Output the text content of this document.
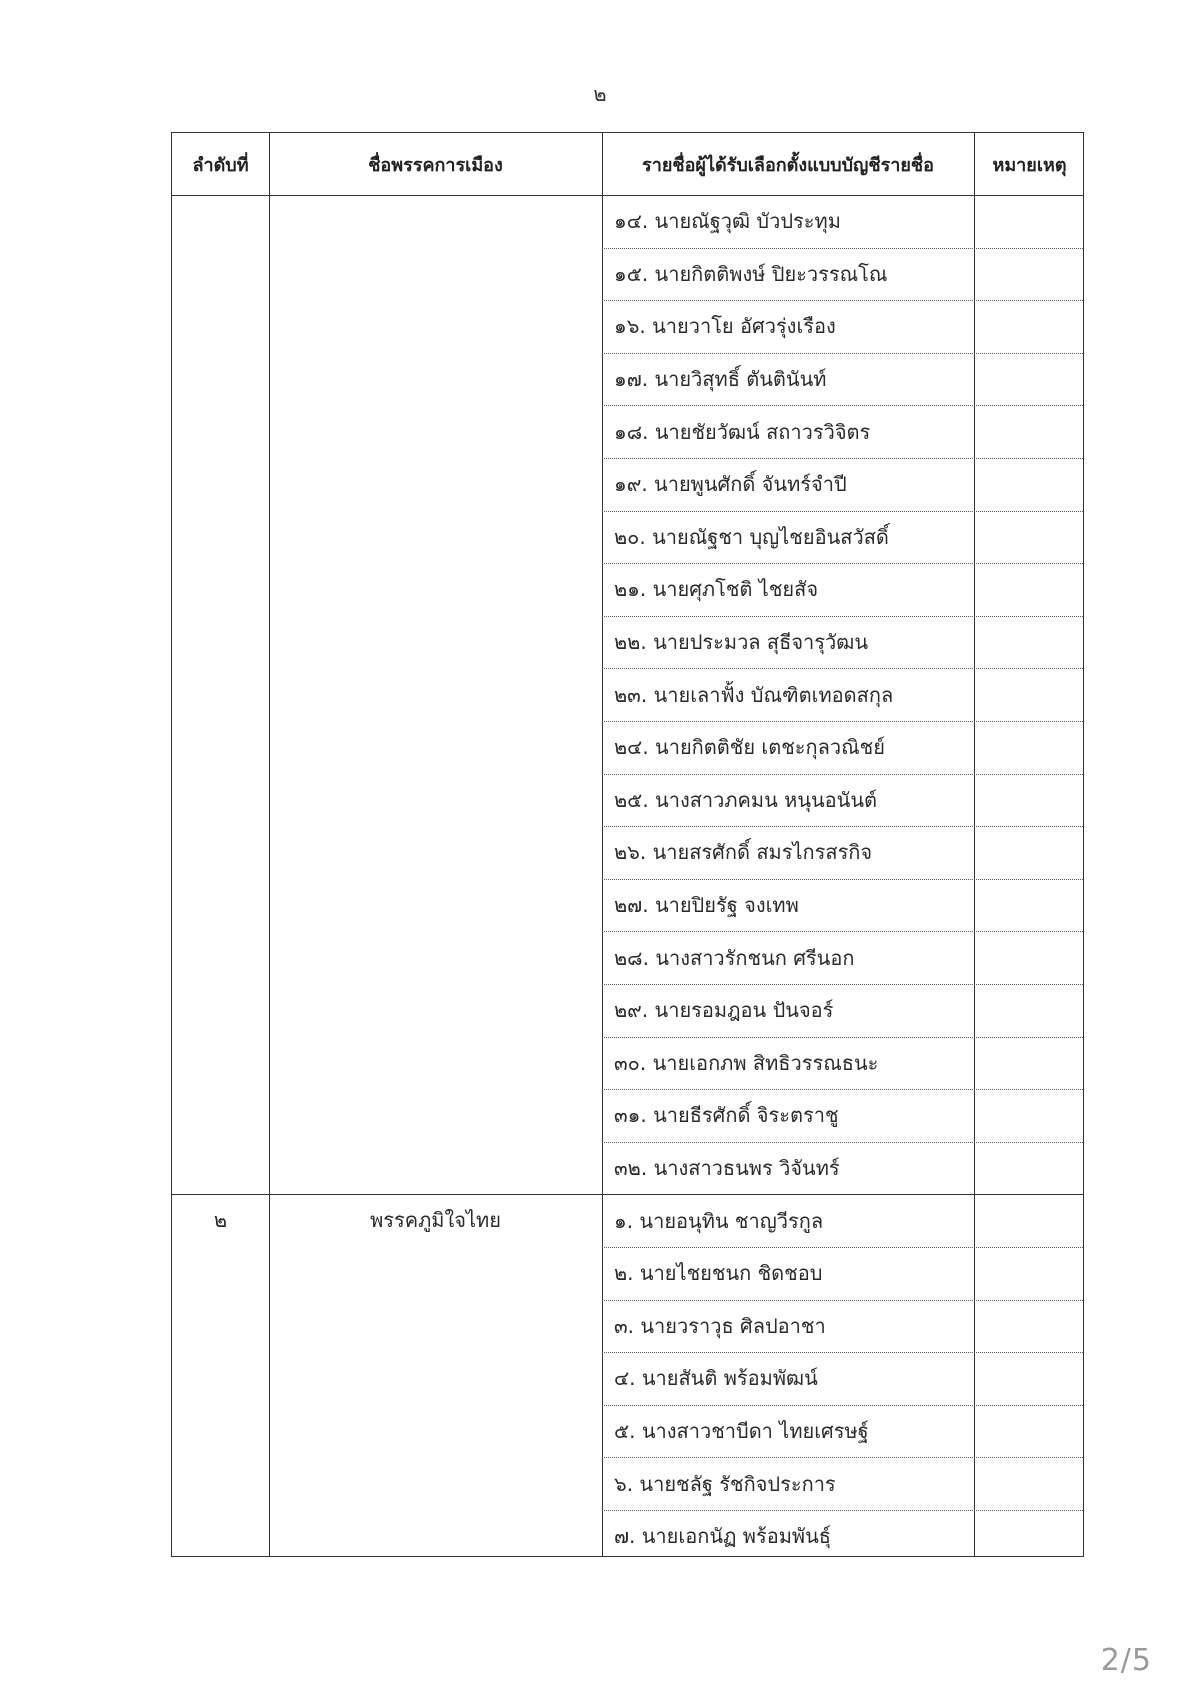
๒
ลำดับที่	ชื่อพรรคการเมือง	รายชื่อผู้ได้รับเลือกตั้งแบบบัญชีรายชื่อ	หมายเหตุ
๑๔. นายณัฐวุฒิ บัวประทุม
๑๕. นายกิตติพงษ์ ปิยะวรรณโณ
๑๖. นายวาโย อัศวรุ่งเรือง
๑๗. นายวิสุทธิ์ ตันตินันท์
๑๘. นายชัยวัฒน์ สถาวรวิจิตร
๑๙. นายพูนศักดิ์ จันทร์จำปี
๒๐. นายณัฐชา บุญไชยอินสวัสดิ์
๒๑. นายศุภโชติ ไชยสัจ
๒๒. นายประมวล สุธีจารุวัฒน
๒๓. นายเลาฟั้ง บัณฑิตเทอดสกุล
๒๔. นายกิตติชัย เตชะกุลวณิชย์
๒๕. นางสาวภคมน หนุนอนันต์
๒๖. นายสรศักดิ์ สมรไกรสรกิจ
๒๗. นายปิยรัฐ จงเทพ
๒๘. นางสาวรักชนก ศรีนอก
๒๙. นายรอมฎอน ปันจอร์
๓๐. นายเอกภพ สิทธิวรรณธนะ
๓๑. นายธีรศักดิ์ จิระตราชู
๓๒. นางสาวธนพร วิจันทร์
๒	พรรคภูมิใจไทย	๑. นายอนุทิน ชาญวีรกูล
๒. นายไชยชนก ชิดชอบ
๓. นายวราวุธ ศิลปอาชา
๔. นายสันติ พร้อมพัฒน์
๕. นางสาวชาบีดา ไทยเศรษฐ์
๖. นายชลัฐ รัชกิจประการ
๗. นายเอกนัฏ พร้อมพันธุ์
2/5
